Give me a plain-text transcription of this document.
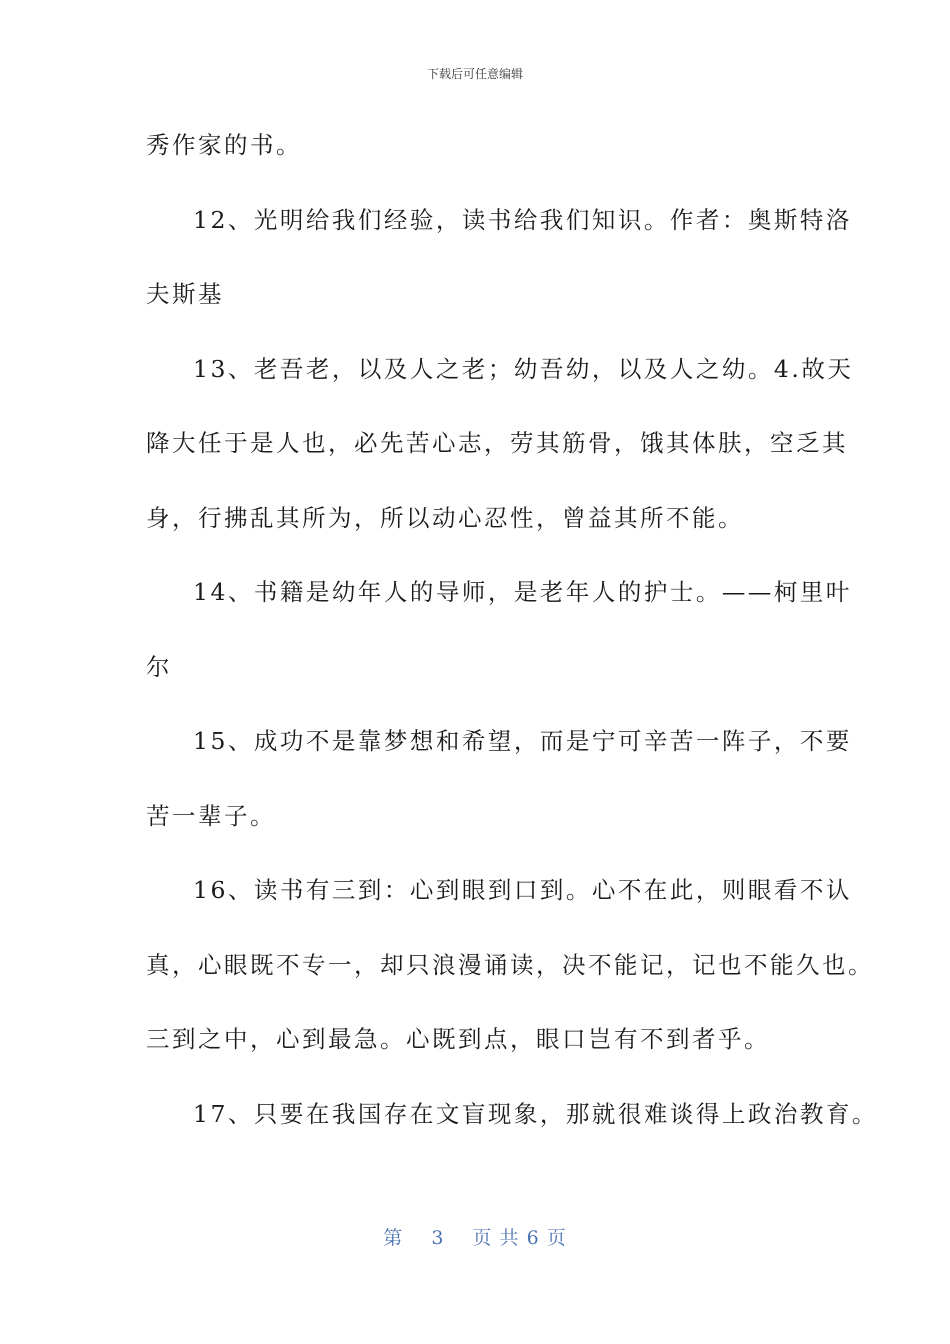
下载后可任意编辑
秀作家的书。
12、光明给我们经验，读书给我们知识。作者：奥斯特洛
夫斯基
13、老吾老，以及人之老；幼吾幼，以及人之幼。4.故天
降大任于是人也，必先苦心志，劳其筋骨，饿其体肤，空乏其
身，行拂乱其所为，所以动心忍性，曾益其所不能。
14、书籍是幼年人的导师，是老年人的护士。——柯里叶
尔
15、成功不是靠梦想和希望，而是宁可辛苦一阵子，不要
苦一辈子。
16、读书有三到：心到眼到口到。心不在此，则眼看不认
真，心眼既不专一，却只浪漫诵读，决不能记，记也不能久也。
三到之中，心到最急。心既到点，眼口岂有不到者乎。
17、只要在我国存在文盲现象，那就很难谈得上政治教育。
第 3 页 共 6 页
